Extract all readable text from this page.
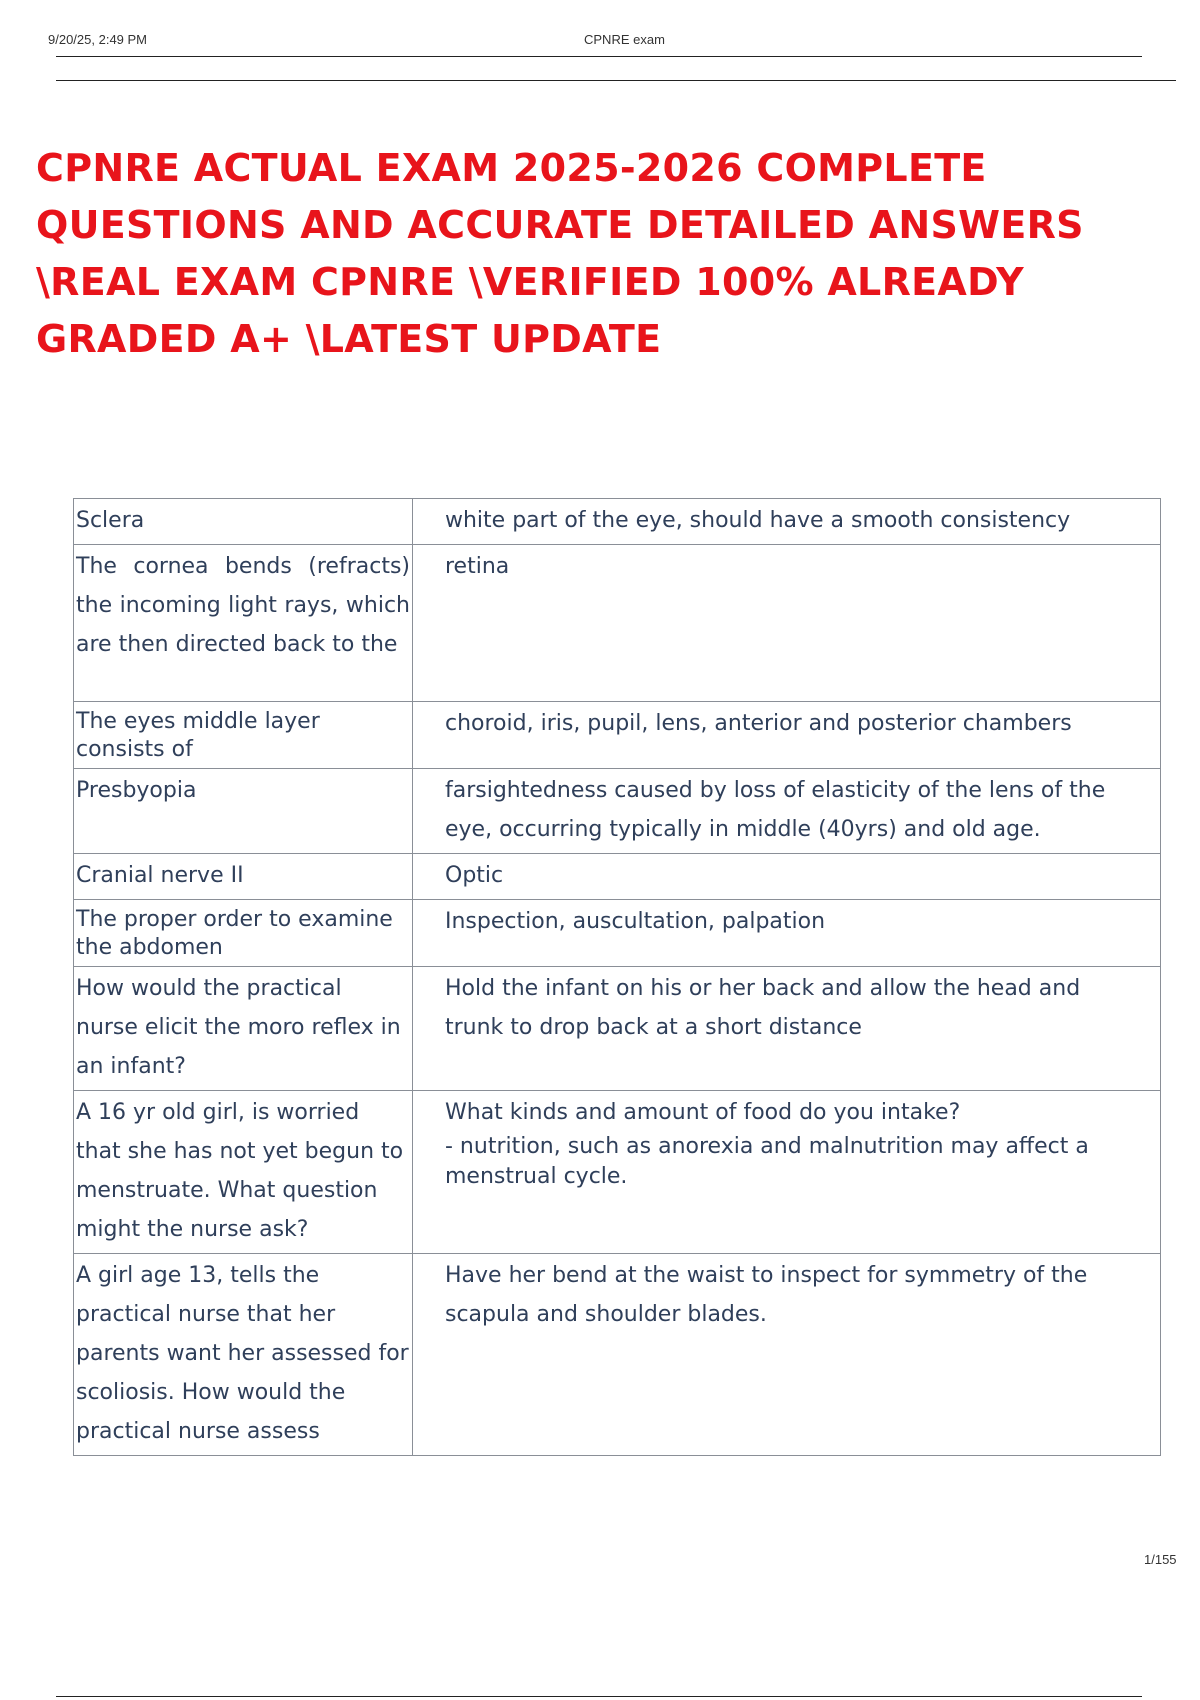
9/20/25, 2:49 PM	CPNRE exam
CPNRE ACTUAL EXAM 2025-2026 COMPLETE QUESTIONS AND ACCURATE DETAILED ANSWERS \REAL EXAM CPNRE \VERIFIED 100% ALREADY GRADED A+ \LATEST UPDATE
Sclera	white part of the eye, should have a smooth consistency
The cornea bends (refracts) the incoming light rays, which are then directed back to the	retina
The eyes middle layer consists of	choroid, iris, pupil, lens, anterior and posterior chambers
Presbyopia	farsightedness caused by loss of elasticity of the lens of the eye, occurring typically in middle (40yrs) and old age.
Cranial nerve II	Optic
The proper order to examine the abdomen	Inspection, auscultation, palpation
How would the practical nurse elicit the moro reflex in an infant?	Hold the infant on his or her back and allow the head and trunk to drop back at a short distance
A 16 yr old girl, is worried that she has not yet begun to menstruate. What question might the nurse ask?	What kinds and amount of food do you intake?
- nutrition, such as anorexia and malnutrition may affect a menstrual cycle.

A girl age 13, tells the practical nurse that her parents want her assessed for scoliosis. How would the practical nurse assess	Have her bend at the waist to inspect for symmetry of the scapula and shoulder blades.
1/155
